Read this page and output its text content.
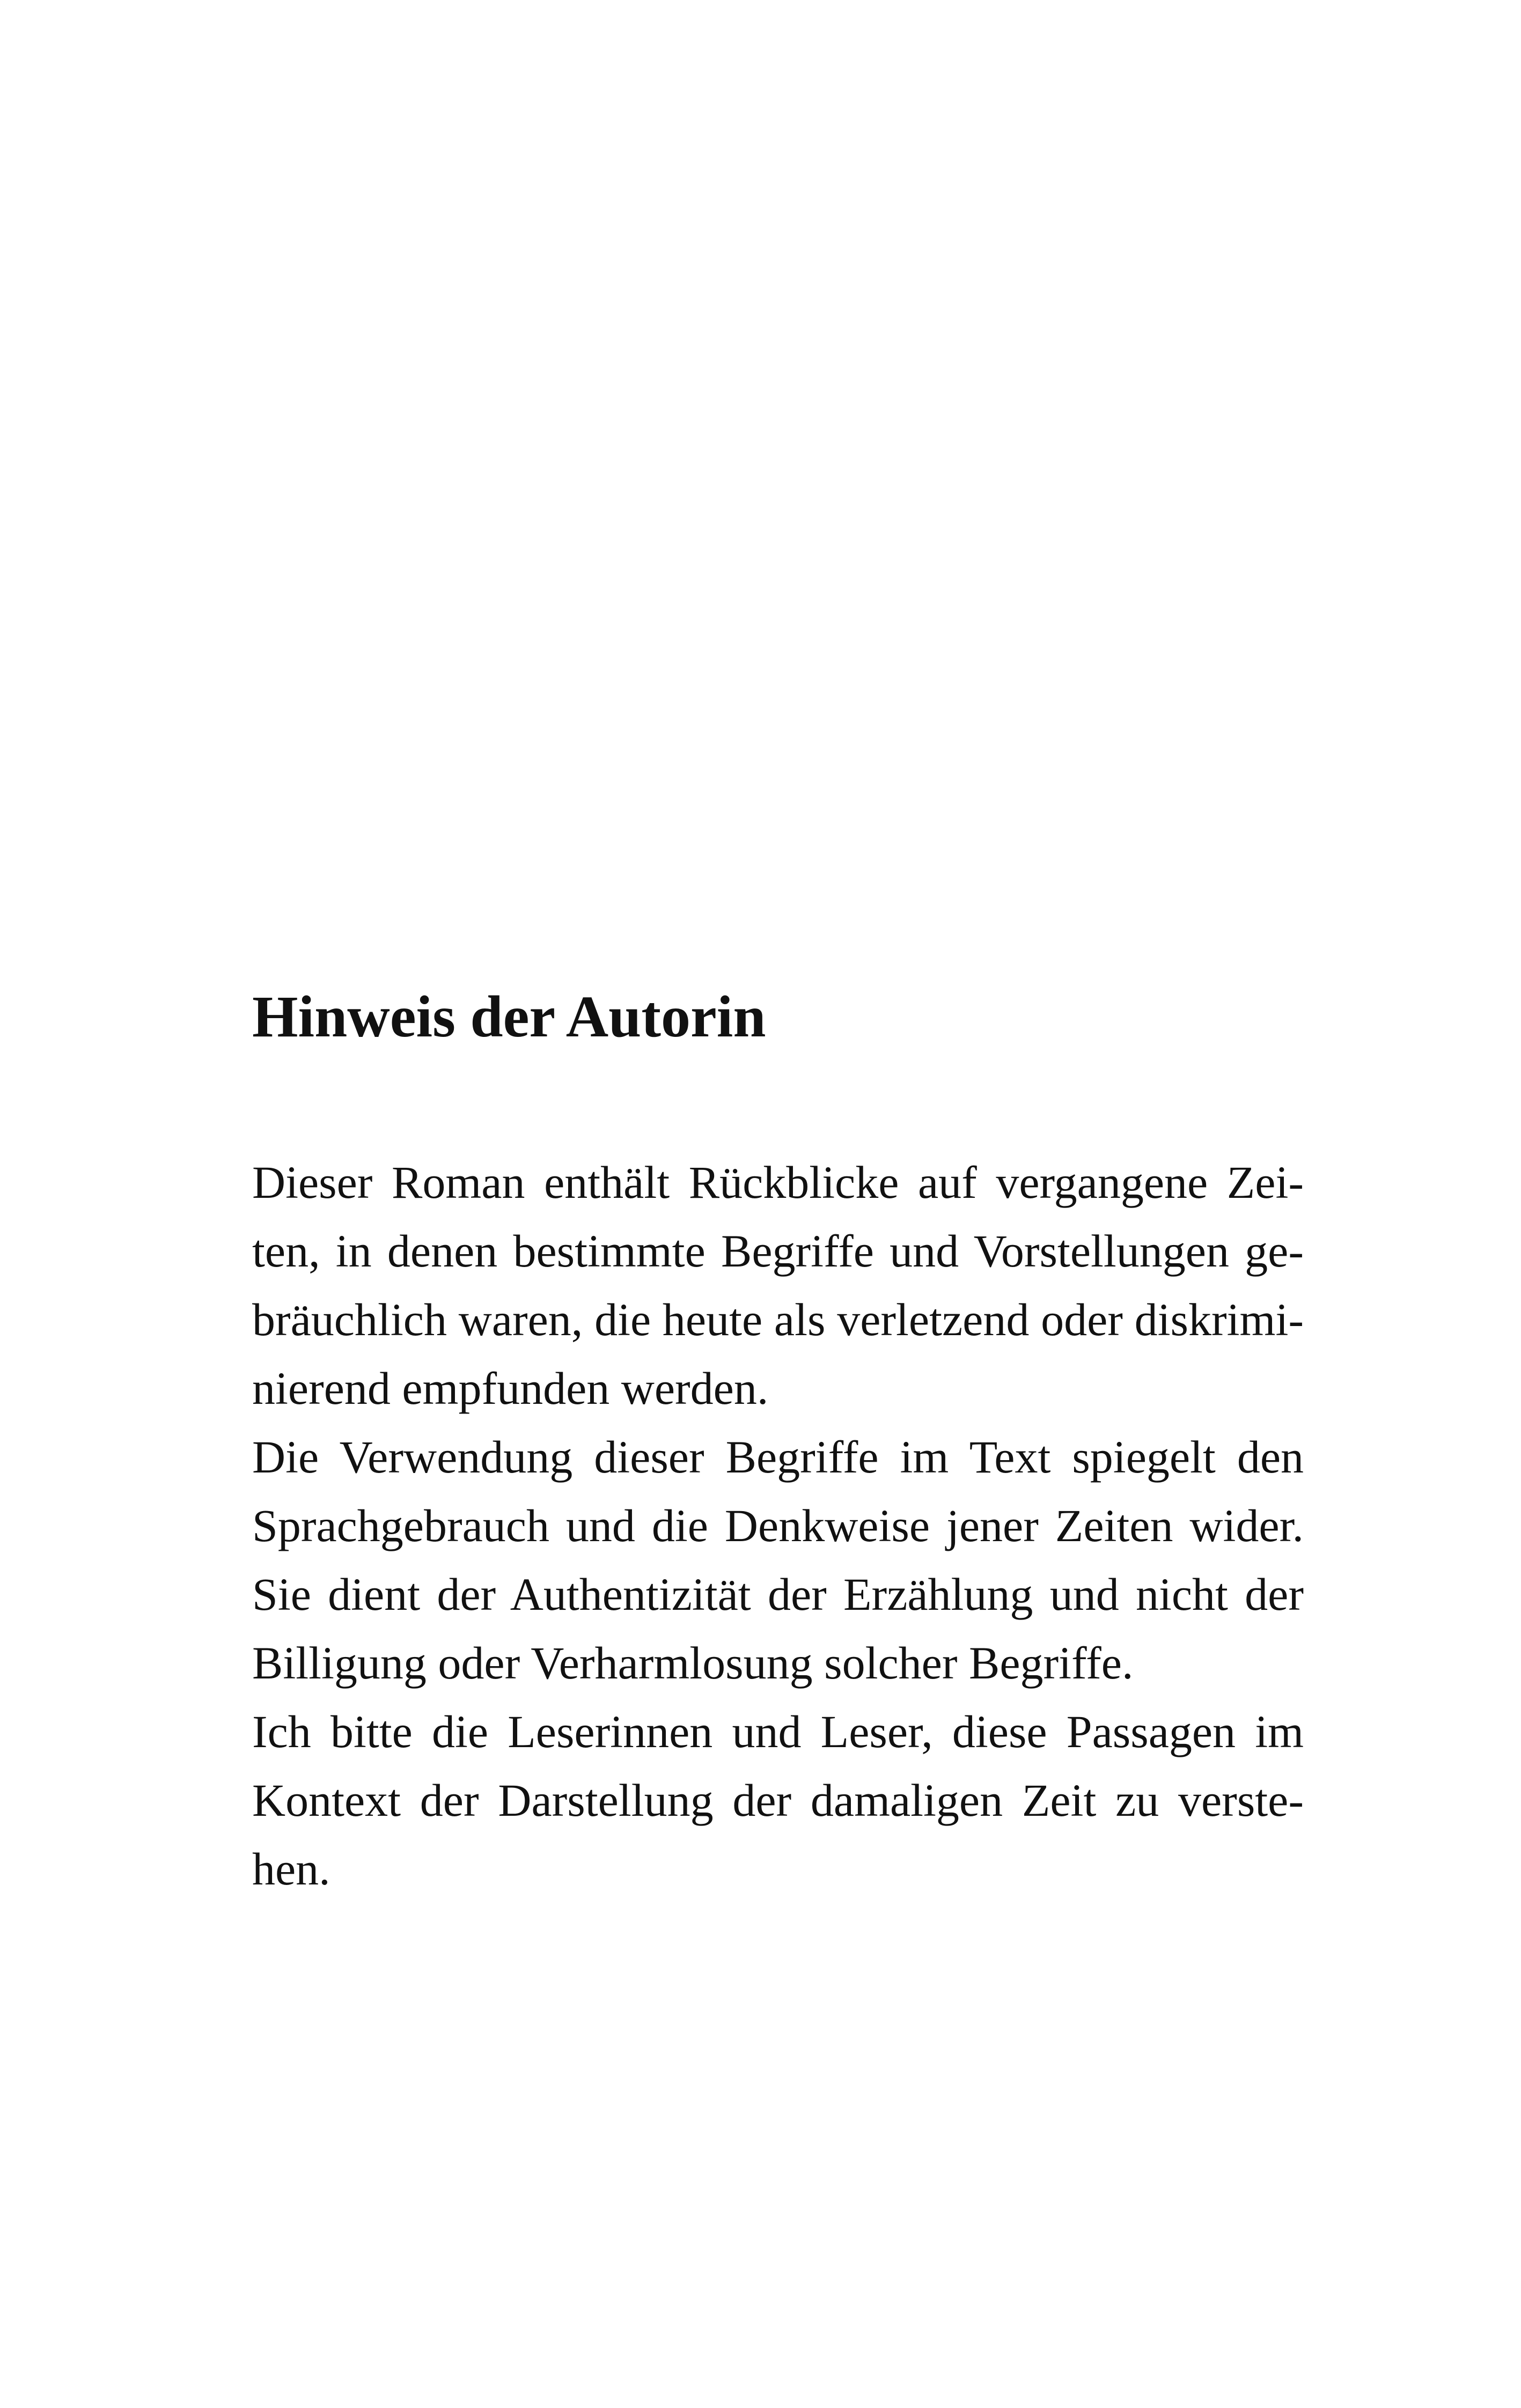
Hinweis der Autorin
Dieser Roman enthält Rückblicke auf vergangene Zei-
ten, in denen bestimmte Begriffe und Vorstellungen ge-
bräuchlich waren, die heute als verletzend oder diskrimi-
nierend empfunden werden.
Die Verwendung dieser Begriffe im Text spiegelt den
Sprachgebrauch und die Denkweise jener Zeiten wider.
Sie dient der Authentizität der Erzählung und nicht der
Billigung oder Verharmlosung solcher Begriffe.
Ich bitte die Leserinnen und Leser, diese Passagen im
Kontext der Darstellung der damaligen Zeit zu verste-
hen.
